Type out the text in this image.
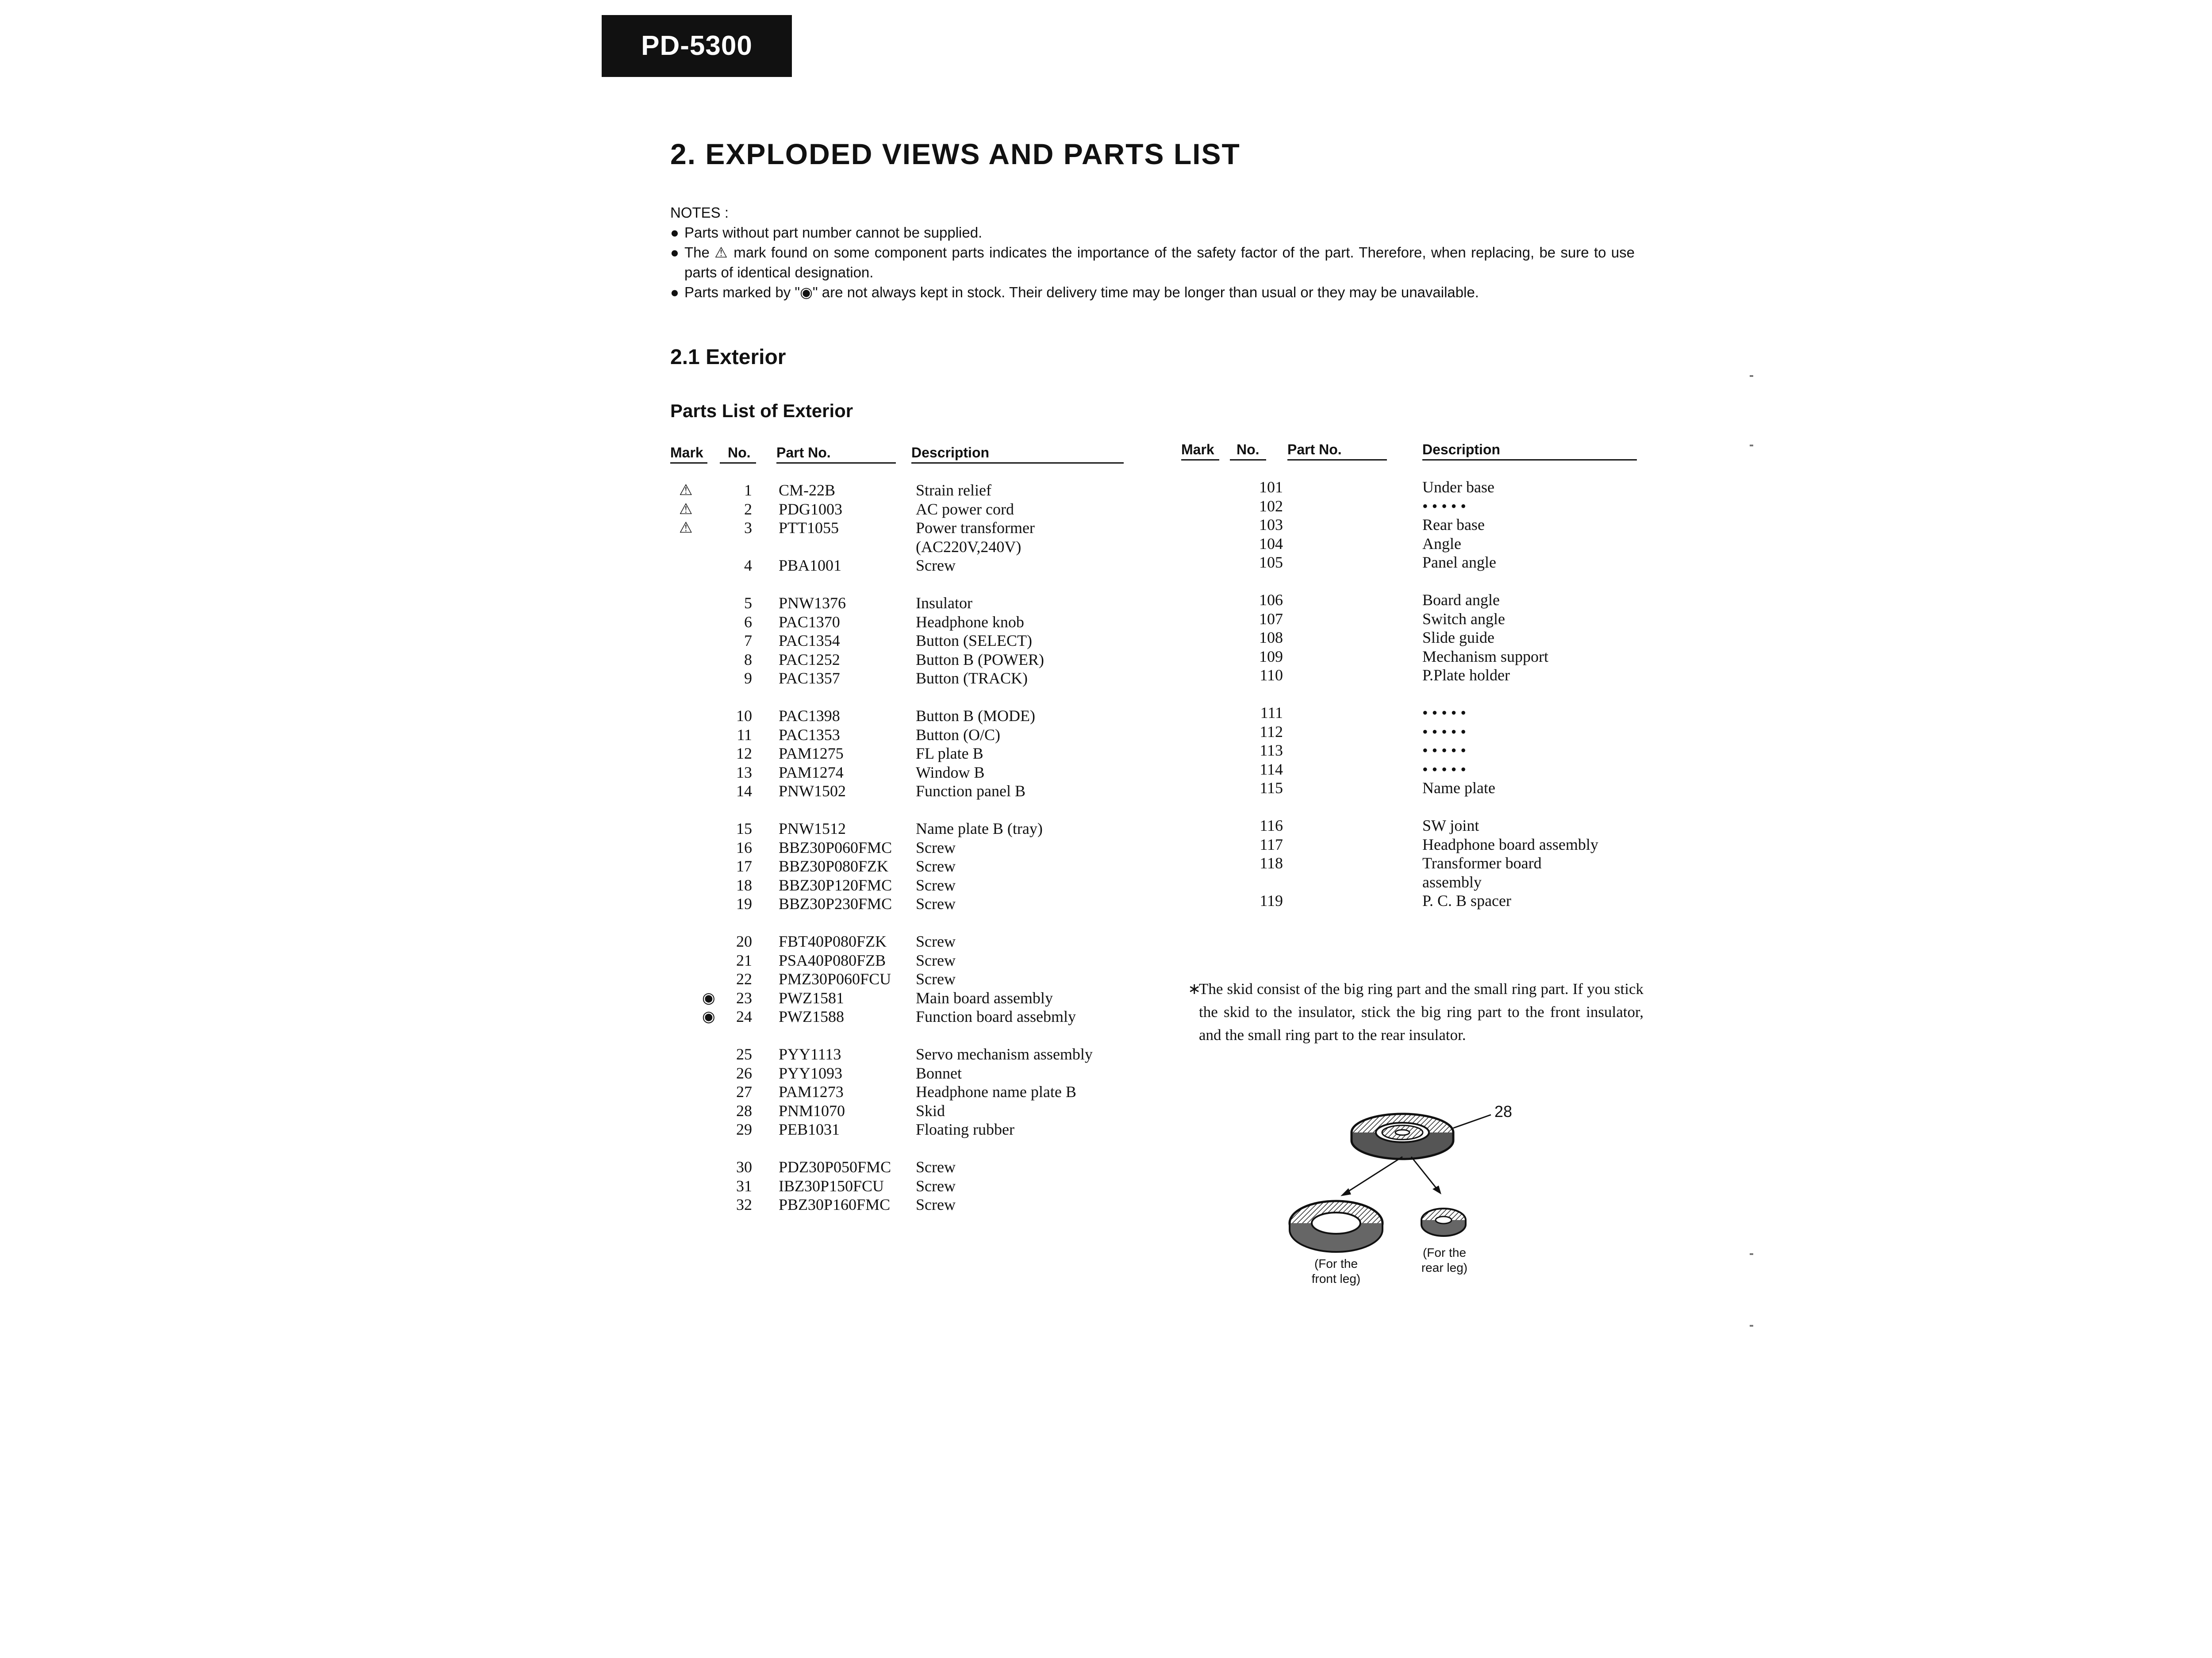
PD-5300
2. EXPLODED VIEWS AND PARTS LIST
NOTES :
● Parts without part number cannot be supplied.
● The ⚠ mark found on some component parts indicates the importance of the safety factor of the part. Therefore, when replacing, be sure to use parts of identical designation.
● Parts marked by "◉" are not always kept in stock. Their delivery time may be longer than usual or they may be unavailable.
2.1 Exterior
Parts List of Exterior
Mark No. Part No.	Description	Mark No. Part No.	Description
⚠	1 CM-22B	Strain relief
⚠	2 PDG1003	AC power cord
⚠	3 PTT1055	Power transformer
(AC220V,240V)
4 PBA1001	Screw
5 PNW1376	Insulator
6 PAC1370	Headphone knob
7 PAC1354	Button (SELECT)
8 PAC1252	Button B (POWER)
9 PAC1357	Button (TRACK)
10 PAC1398	Button B (MODE)
11 PAC1353	Button (O/C)
12 PAM1275	FL plate B
13 PAM1274	Window B
14 PNW1502	Function panel B
15 PNW1512	Name plate B (tray)
16 BBZ30P060FMC Screw
17 BBZ30P080FZK Screw
18 BBZ30P120FMC Screw
19 BBZ30P230FMC Screw
20 FBT40P080FZK Screw
21 PSA40P080FZB Screw
22 PMZ30P060FCU Screw
◉	23 PWZ1581	Main board assembly
◉	24 PWZ1588	Function board assebmly
25 PYY1113	Servo mechanism assembly
26 PYY1093	Bonnet
27 PAM1273	Headphone name plate B
28 PNM1070	Skid
29 PEB1031	Floating rubber
30 PDZ30P050FMC Screw
31 IBZ30P150FCU Screw
32 PBZ30P160FMC Screw
101	Under base
102	• • • • •
103	Rear base
104	Angle
105	Panel angle
106	Board angle
107	Switch angle
108	Slide guide
109	Mechanism support
110	P.Plate holder
111	• • • • •
112	• • • • •
113	• • • • •
114	• • • • •
115	Name plate
116	SW joint
117	Headphone board assembly
118	Transformer board
assembly
119	P. C. B spacer
∗
The skid consist of the big ring part and the small ring part. If you stick the skid to the insulator, stick the big ring part to the front insulator, and the small ring part to the rear insulator.
28
(For the
front leg)
(For the
rear leg)
